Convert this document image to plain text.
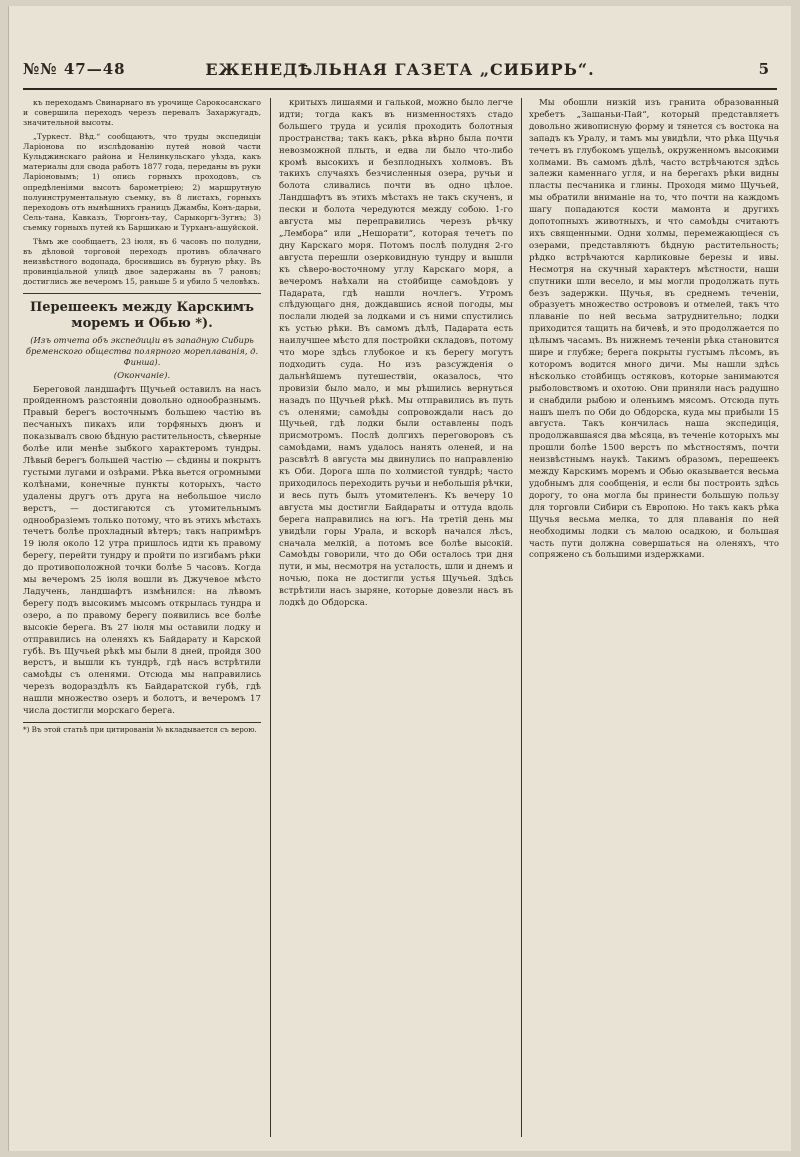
№№ 47—48	ЕЖЕНЕДѢЛЬНАЯ ГАЗЕТА „СИБИРЬ“.	5

къ переходамъ Свинарнаго въ урочище Сарокосанскаго и совершила переходъ черезъ перевалъ Захаржугадъ, значительной высоты.

„Туркест. Вѣд.“ сообщаютъ, что труды экспедиціи Ларіонова по изслѣдованію путей новой части Кульджинскаго района и Нелинкульскаго уѣзда, какъ материалы для свода работъ 1877 года, переданы въ руки Ларіоновымъ; 1) опись горныхъ проходовъ, съ опредѣленіями высотъ барометріею; 2) маршрутную полуинструментальную съемку, въ 8 листахъ, горныхъ переходовъ отъ нынѣшнихъ границъ Джамбы, Конъ-дарьи, Сель-тана, Кавказъ, Тюргонъ-тау, Сарыкоргъ-Зугнъ; 3) съемку горныхъ путей къ Баршикаю и Турханъ-ашуйской.

Тѣмъ же сообщаетъ, 23 іюля, въ 6 часовъ по полудни, въ дѣловой торговой переходъ противъ облачнаго неизвѣстного водопада, бросившись въ бурную рѣку. Въ провинціальной улицѣ двое задержаны въ 7 рановъ; достиглись же вечеромъ 15, раньше 5 и убило 5 человѣкъ.

Перешеекъ между Карскимъ моремъ и Обью *).
(Изъ отчета объ экспедиціи въ западную Сибирь бременского общества полярного мореплаванія, д. Финша).
(Окончаніе).

Береговой ландшафтъ Щучьей оставилъ на насъ пройденномъ разстояніи довольно однообразнымъ. Правый берегъ восточнымъ большею частію въ песчаныхъ пикахъ или торфяныхъ дюнъ и показывалъ свою бѣдную растительность, сѣверные болѣе или менѣе зыбкого характеромъ тундры. Лѣвый берегъ большей частію — сѣдины и покрытъ густыми лугами и озѣрами. Рѣка вьется огромными колѣнами, конечные пункты которыхъ, часто удалены другъ отъ друга на небольшое число верстъ, — достигаются съ утомительнымъ однообразіемъ только потому, что въ этихъ мѣстахъ течетъ болѣе прохладный вѣтеръ; такъ напримѣръ 19 іюля около 12 утра пришлось идти къ правому берегу, перейти тундру и пройти по изгибамъ рѣки до противоположной точки болѣе 5 часовъ. Когда мы вечеромъ 25 іюля вошли въ Джучевое мѣсто Ладучень, ландшафтъ измѣнился: на лѣвомъ берегу подъ высокимъ мысомъ открылась тундра и озеро, а по правому берегу появились все болѣе высокіе берега. Въ 27 іюля мы оставили лодку и отправились на оленяхъ къ Байдарату и Карской губѣ. Въ Щучьей рѣкѣ мы были 8 дней, пройдя 300 верстъ, и вышли къ тундрѣ, гдѣ насъ встрѣтили самоѣды съ оленями. Отсюда мы направились черезъ водораздѣлъ къ Байдаратской губѣ, гдѣ нашли множество озеръ и болотъ, и вечеромъ 17 числа достигли морскаго берега.

*) Въ этой статьѣ при цитированіи № вкладывается съ верою.

критыхъ лишаями и галькой, можно было легче идти; тогда какъ въ низменностяхъ стадо большего труда и усилія проходить болотныя пространства; такъ какъ, рѣка вѣрно была почти невозможной плыть, и едва ли было что-либо кромѣ высокихъ и безплодныхъ холмовъ. Въ такихъ случаяхъ безчисленныя озера, ручьи и болота сливались почти въ одно цѣлое. Ландшафтъ въ этихъ мѣстахъ не такъ скученъ, и пески и болота чередуются между собою. 1-го августа мы переправились черезъ рѣчку „Лембора“ или „Нешорати“, которая течетъ по дну Карскаго моря. Потомъ послѣ полудня 2-го августа перешли озерковидную тундру и вышли къ сѣверо-восточному углу Карскаго моря, а вечеромъ наѣхали на стойбище самоѣдовъ у Падарата, гдѣ нашли ночлегъ. Утромъ слѣдующаго дня, дождавшись ясной погоды, мы послали людей за лодками и съ ними спустились къ устью рѣки. Въ самомъ дѣлѣ, Падарата есть наилучшее мѣсто для постройки складовъ, потому что море здѣсь глубокое и къ берегу могутъ подходить суда. Но изъ разсужденія о дальнѣйшемъ путешествіи, оказалось, что провизіи было мало, и мы рѣшились вернуться назадъ по Щучьей рѣкѣ. Мы отправились въ путь съ оленями; самоѣды сопровождали насъ до Щучьей, гдѣ лодки были оставлены подъ присмотромъ. Послѣ долгихъ переговоровъ съ самоѣдами, намъ удалось нанять оленей, и на разсвѣтѣ 8 августа мы двинулись по направленію къ Оби. Дорога шла по холмистой тундрѣ; часто приходилось переходить ручьи и небольшія рѣчки, и весь путь былъ утомителенъ. Къ вечеру 10 августа мы достигли Байдараты и оттуда вдоль берега направились на югъ. На третій день мы увидѣли горы Урала, и вскорѣ начался лѣсъ, сначала мелкій, а потомъ все болѣе высокій. Самоѣды говорили, что до Оби осталось три дня пути, и мы, несмотря на усталость, шли и днемъ и ночью, пока не достигли устья Щучьей. Здѣсь встрѣтили насъ зыряне, которые довезли насъ въ лодкѣ до Обдорска.

Мы обошли низкій изъ гранита образованный хребетъ „Зашаньи-Пай“, который представляетъ довольно живописную форму и тянется съ востока на западъ къ Уралу, и тамъ мы увидѣли, что рѣка Щучья течетъ въ глубокомъ ущельѣ, окруженномъ высокими холмами. Въ самомъ дѣлѣ, часто встрѣчаются здѣсь залежи каменнаго угля, и на берегахъ рѣки видны пласты песчаника и глины. Проходя мимо Щучьей, мы обратили вниманіе на то, что почти на каждомъ шагу попадаются кости мамонта и другихъ допотопныхъ животныхъ, и что самоѣды считаютъ ихъ священными. Одни холмы, перемежающіеся съ озерами, представляютъ бѣдную растительность; рѣдко встрѣчаются карликовые березы и ивы. Несмотря на скучный характеръ мѣстности, наши спутники шли весело, и мы могли продолжать путь безъ задержки. Щучья, въ среднемъ теченіи, образуетъ множество острововъ и отмелей, такъ что плаваніе по ней весьма затруднительно; лодки приходится тащить на бичевѣ, и это продолжается по цѣлымъ часамъ. Въ нижнемъ теченіи рѣка становится шире и глубже; берега покрыты густымъ лѣсомъ, въ которомъ водится много дичи. Мы нашли здѣсь нѣсколько стойбищъ остяковъ, которые занимаются рыболовствомъ и охотою. Они приняли насъ радушно и снабдили рыбою и оленьимъ мясомъ. Отсюда путь нашъ шелъ по Оби до Обдорска, куда мы прибыли 15 августа. Такъ кончилась наша экспедиція, продолжавшаяся два мѣсяца, въ теченіе которыхъ мы прошли болѣе 1500 верстъ по мѣстностямъ, почти неизвѣстнымъ наукѣ. Такимъ образомъ, перешеекъ между Карскимъ моремъ и Обью оказывается весьма удобнымъ для сообщенія, и если бы построить здѣсь дорогу, то она могла бы принести большую пользу для торговли Сибири съ Европою. Но такъ какъ рѣка Щучья весьма мелка, то для плаванія по ней необходимы лодки съ малою осадкою, и большая часть пути должна совершаться на оленяхъ, что сопряжено съ большими издержками.
